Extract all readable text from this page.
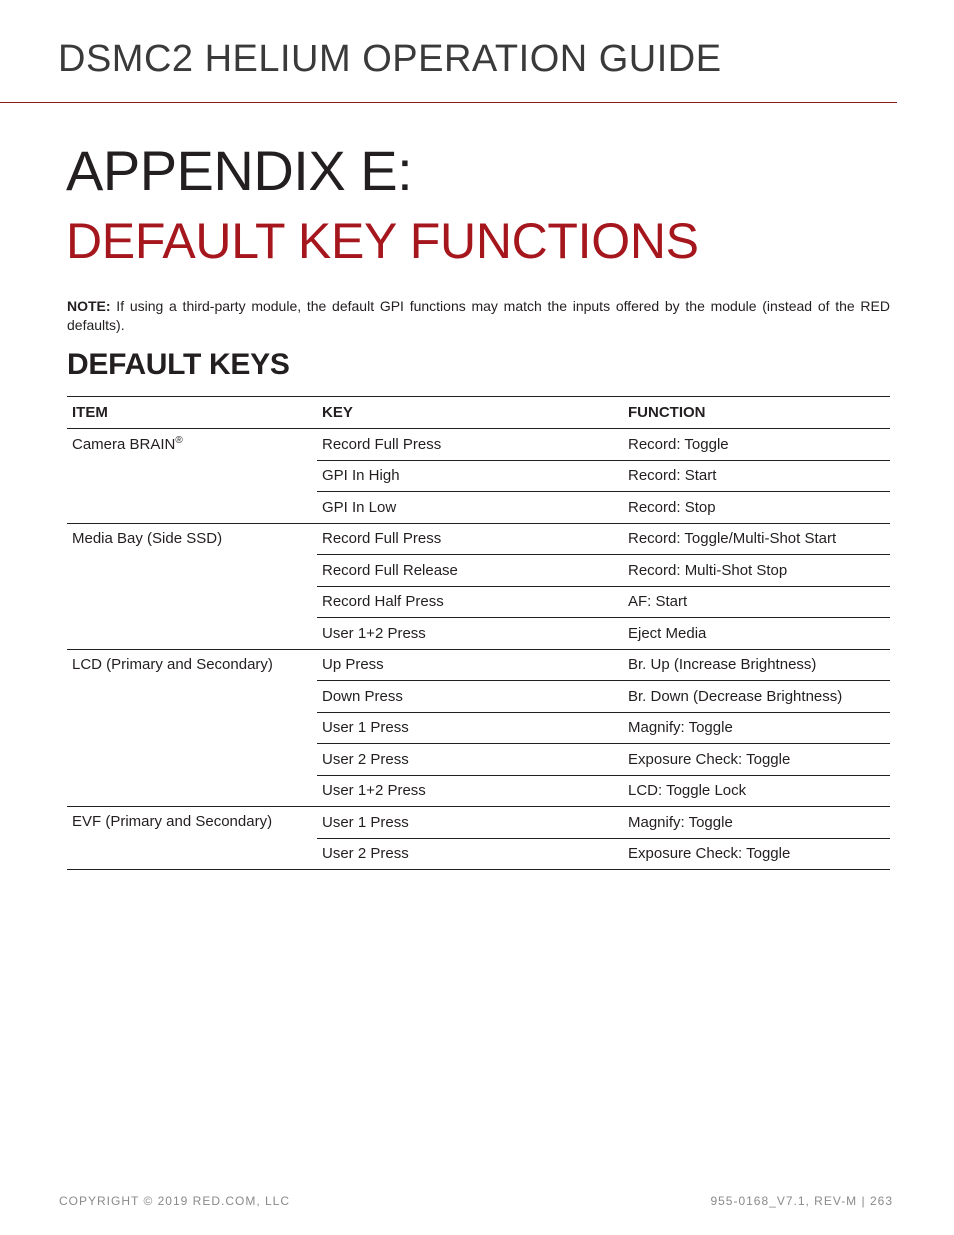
DSMC2 HELIUM OPERATION GUIDE
APPENDIX E:
DEFAULT KEY FUNCTIONS
NOTE: If using a third-party module, the default GPI functions may match the inputs offered by the module (instead of the RED defaults).
DEFAULT KEYS
ITEM	KEY	FUNCTION
Camera BRAIN®	Record Full Press	Record: Toggle
	GPI In High	Record: Start
	GPI In Low	Record: Stop
Media Bay (Side SSD)	Record Full Press	Record: Toggle/Multi-Shot Start
	Record Full Release	Record: Multi-Shot Stop
	Record Half Press	AF: Start
	User 1+2 Press	Eject Media
LCD (Primary and Secondary)	Up Press	Br. Up (Increase Brightness)
	Down Press	Br. Down (Decrease Brightness)
	User 1 Press	Magnify: Toggle
	User 2 Press	Exposure Check: Toggle
	User 1+2 Press	LCD: Toggle Lock
EVF (Primary and Secondary)	User 1 Press	Magnify: Toggle
	User 2 Press	Exposure Check: Toggle
COPYRIGHT © 2019 RED.COM, LLC	955-0168_V7.1, REV-M | 263
